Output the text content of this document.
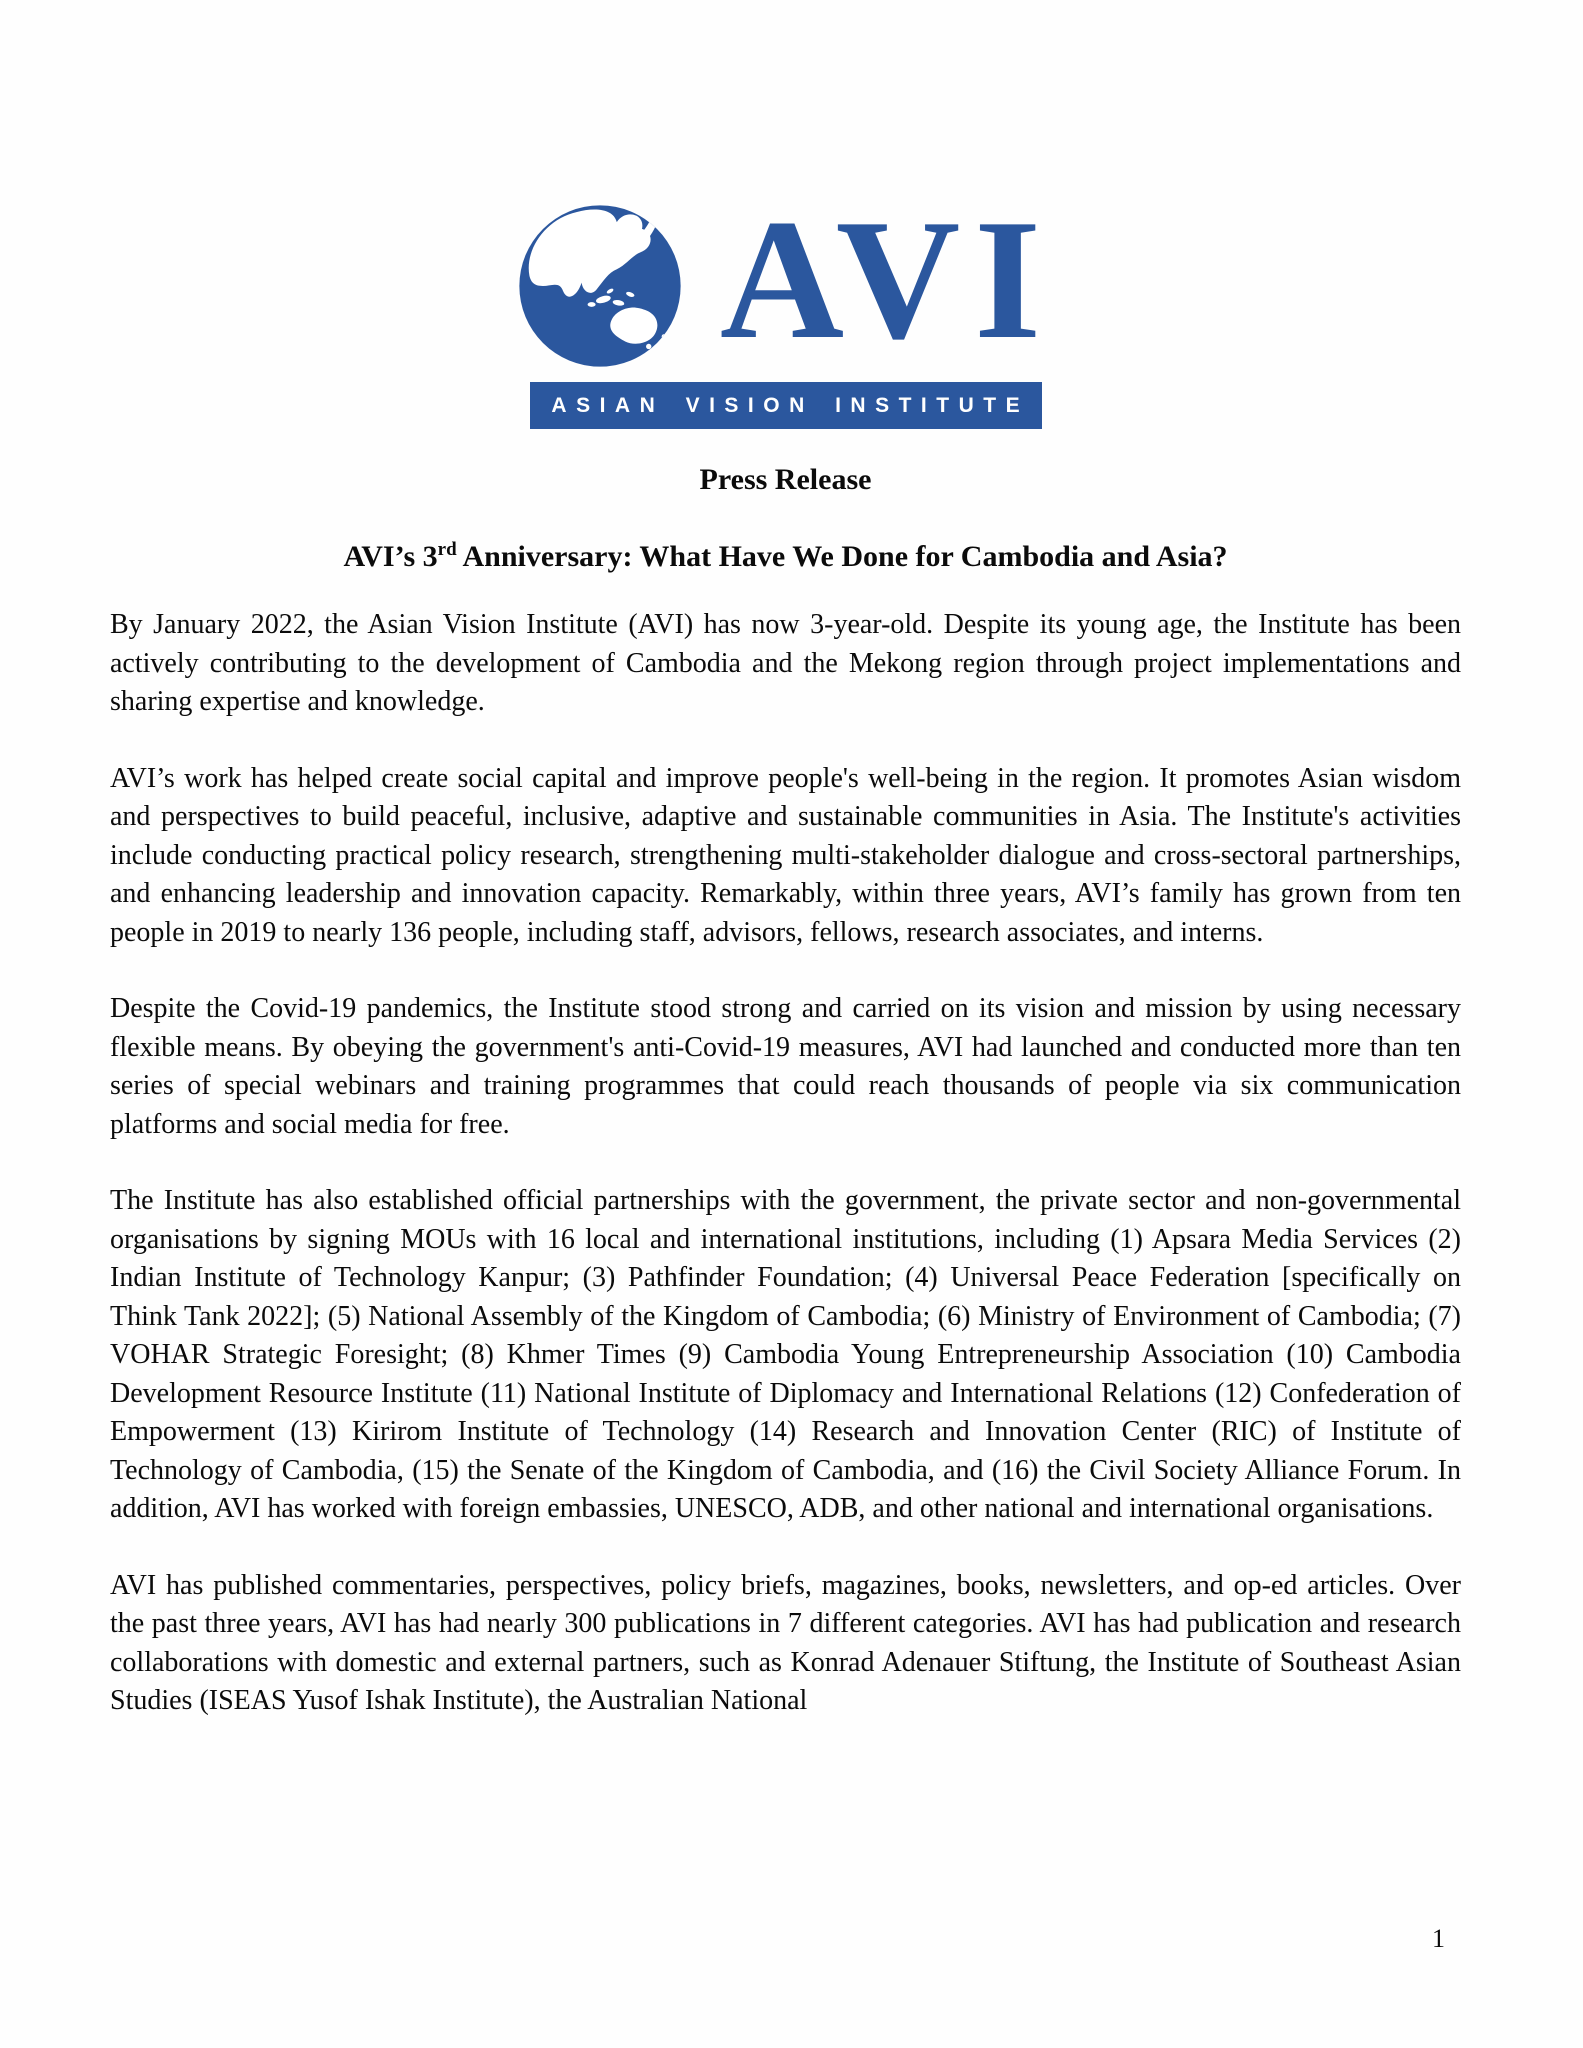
AVI
ASIAN VISION INSTITUTE
Press Release
AVI’s 3rd Anniversary: What Have We Done for Cambodia and Asia?

By January 2022, the Asian Vision Institute (AVI) has now 3-year-old. Despite its young age, the Institute has been actively contributing to the development of Cambodia and the Mekong region through project implementations and sharing expertise and knowledge.

AVI’s work has helped create social capital and improve people's well-being in the region. It promotes Asian wisdom and perspectives to build peaceful, inclusive, adaptive and sustainable communities in Asia. The Institute's activities include conducting practical policy research, strengthening multi-stakeholder dialogue and cross-sectoral partnerships, and enhancing leadership and innovation capacity. Remarkably, within three years, AVI’s family has grown from ten people in 2019 to nearly 136 people, including staff, advisors, fellows, research associates, and interns.

Despite the Covid-19 pandemics, the Institute stood strong and carried on its vision and mission by using necessary flexible means. By obeying the government's anti-Covid-19 measures, AVI had launched and conducted more than ten series of special webinars and training programmes that could reach thousands of people via six communication platforms and social media for free.

The Institute has also established official partnerships with the government, the private sector and non-governmental organisations by signing MOUs with 16 local and international institutions, including (1) Apsara Media Services (2) Indian Institute of Technology Kanpur; (3) Pathfinder Foundation; (4) Universal Peace Federation [specifically on Think Tank 2022]; (5) National Assembly of the Kingdom of Cambodia; (6) Ministry of Environment of Cambodia; (7) VOHAR Strategic Foresight; (8) Khmer Times (9) Cambodia Young Entrepreneurship Association (10) Cambodia Development Resource Institute (11) National Institute of Diplomacy and International Relations (12) Confederation of Empowerment (13) Kirirom Institute of Technology (14) Research and Innovation Center (RIC) of Institute of Technology of Cambodia, (15) the Senate of the Kingdom of Cambodia, and (16) the Civil Society Alliance Forum. In addition, AVI has worked with foreign embassies, UNESCO, ADB, and other national and international organisations.

AVI has published commentaries, perspectives, policy briefs, magazines, books, newsletters, and op-ed articles. Over the past three years, AVI has had nearly 300 publications in 7 different categories. AVI has had publication and research collaborations with domestic and external partners, such as Konrad Adenauer Stiftung, the Institute of Southeast Asian Studies (ISEAS Yusof Ishak Institute), the Australian National

1
